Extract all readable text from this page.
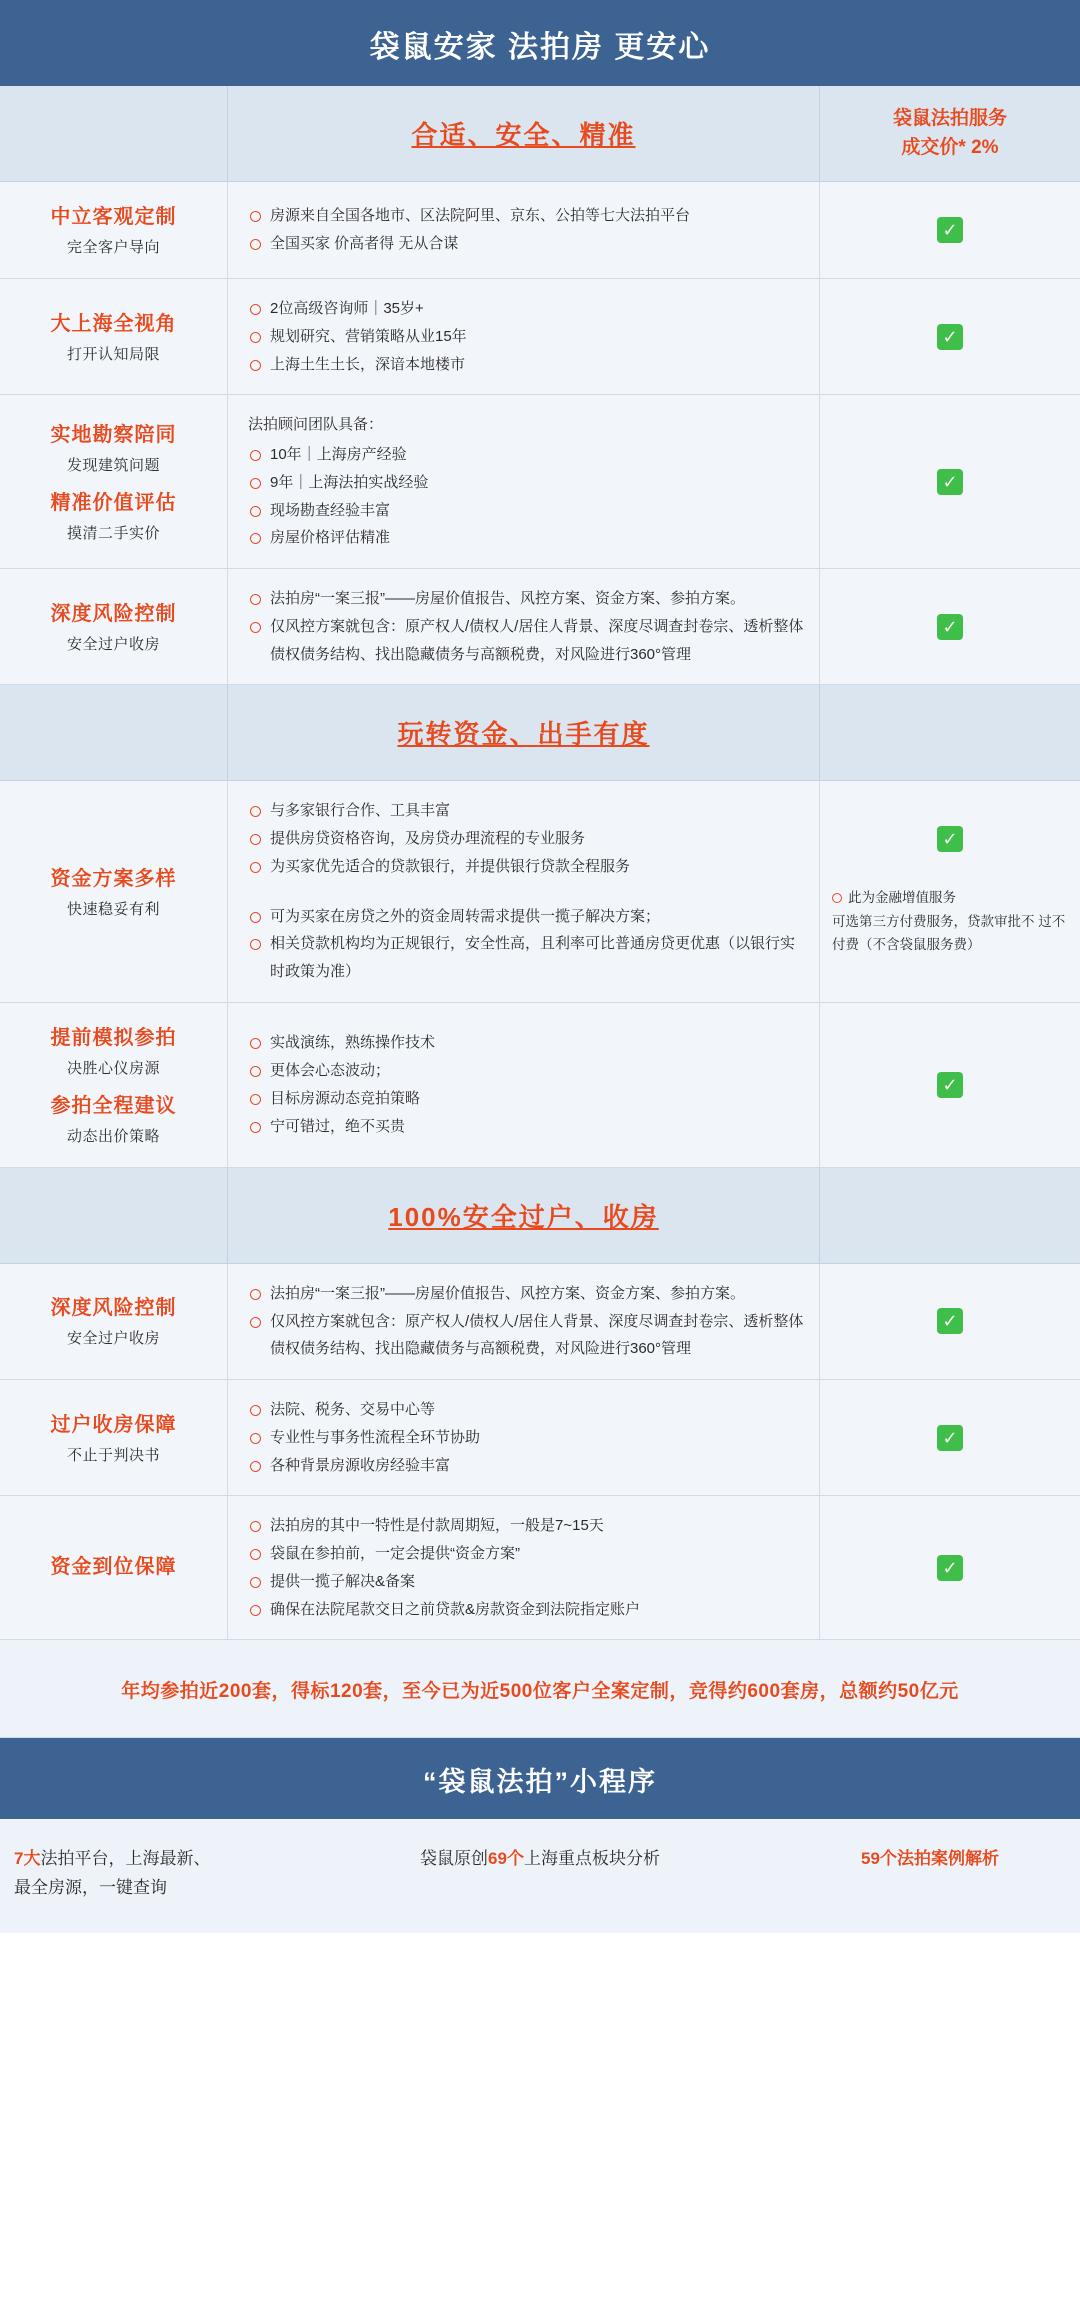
袋鼠安家 法拍房 更安心
合适、安全、精准
袋鼠法拍服务
成交价* 2%
中立客观定制
完全客户导向
房源来自全国各地市、区法院阿里、京东、公拍等七大法拍平台
全国买家 价高者得 无从合谋
✓
大上海全视角
打开认知局限
2位高级咨询师｜35岁+
规划研究、营销策略从业15年
上海土生土长，深谙本地楼市
✓
实地勘察陪同
发现建筑问题
精准价值评估
摸清二手实价
法拍顾问团队具备：
10年｜上海房产经验
9年｜上海法拍实战经验
现场勘查经验丰富
房屋价格评估精准
✓
深度风险控制
安全过户收房
法拍房“一案三报”——房屋价值报告、风控方案、资金方案、参拍方案。
仅风控方案就包含：原产权人/债权人/居住人背景、深度尽调查封卷宗、透析整体债权债务结构、找出隐藏债务与高额税费，对风险进行360°管理
✓
玩转资金、出手有度
资金方案多样
快速稳妥有利
与多家银行合作、工具丰富
提供房贷资格咨询，及房贷办理流程的专业服务
为买家优先适合的贷款银行，并提供银行贷款全程服务
可为买家在房贷之外的资金周转需求提供一揽子解决方案；
相关贷款机构均为正规银行，安全性高，且利率可比普通房贷更优惠（以银行实时政策为准）
✓
此为金融增值服务
可选第三方付费服务，贷款审批不 过不付费（不含袋鼠服务费）
提前模拟参拍
决胜心仪房源
参拍全程建议
动态出价策略
实战演练，熟练操作技术
更体会心态波动；
目标房源动态竞拍策略
宁可错过，绝不买贵
✓
100%安全过户、收房
深度风险控制
安全过户收房
法拍房“一案三报”——房屋价值报告、风控方案、资金方案、参拍方案。
仅风控方案就包含：原产权人/债权人/居住人背景、深度尽调查封卷宗、透析整体债权债务结构、找出隐藏债务与高额税费，对风险进行360°管理
✓
过户收房保障
不止于判决书
法院、税务、交易中心等
专业性与事务性流程全环节协助
各种背景房源收房经验丰富
✓
资金到位保障
法拍房的其中一特性是付款周期短，一般是7~15天
袋鼠在参拍前，一定会提供“资金方案”
提供一揽子解决&备案
确保在法院尾款交日之前贷款&房款资金到法院指定账户
✓
年均参拍近200套，得标120套，至今已为近500位客户全案定制，竞得约600套房，总额约50亿元
“袋鼠法拍”小程序
7大法拍平台，上海最新、
最全房源，一键查询
袋鼠原创69个上海重点板块分析	59个法拍案例解析
